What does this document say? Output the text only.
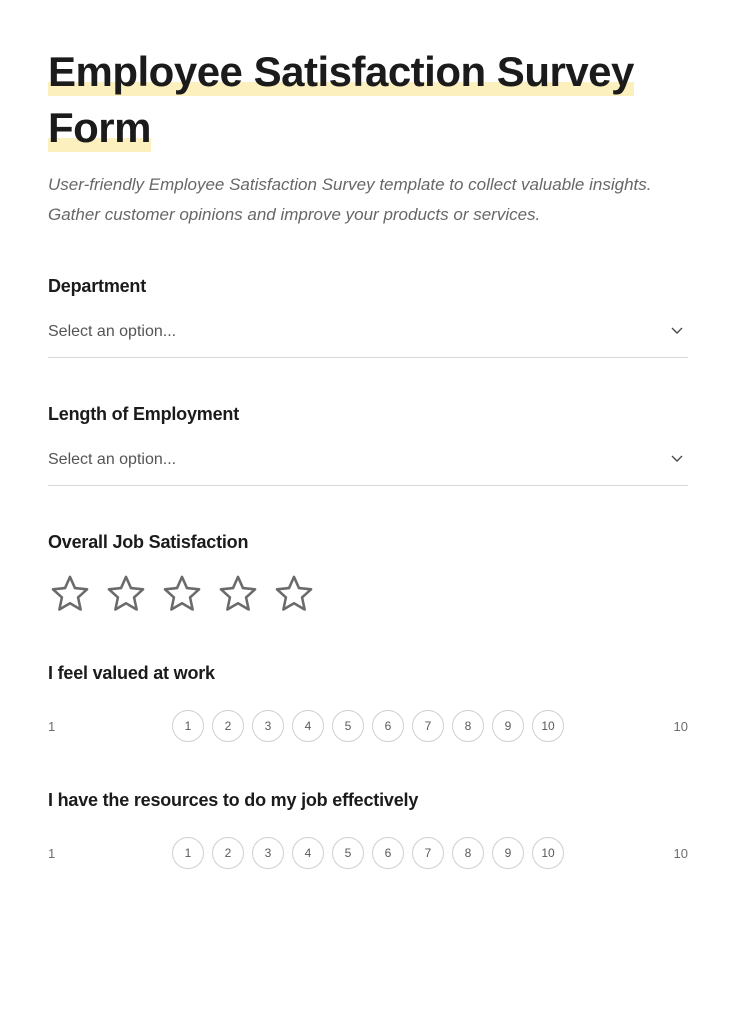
Employee Satisfaction Survey
Form

User-friendly Employee Satisfaction Survey template to collect valuable insights. Gather customer opinions and improve your products or services.

Department

Select an option...

Length of Employment

Select an option...

Overall Job Satisfaction

I feel valued at work

1	1	2	3	4	5	6	7	8	9	10	10

I have the resources to do my job effectively

1	1	2	3	4	5	6	7	8	9	10	10
